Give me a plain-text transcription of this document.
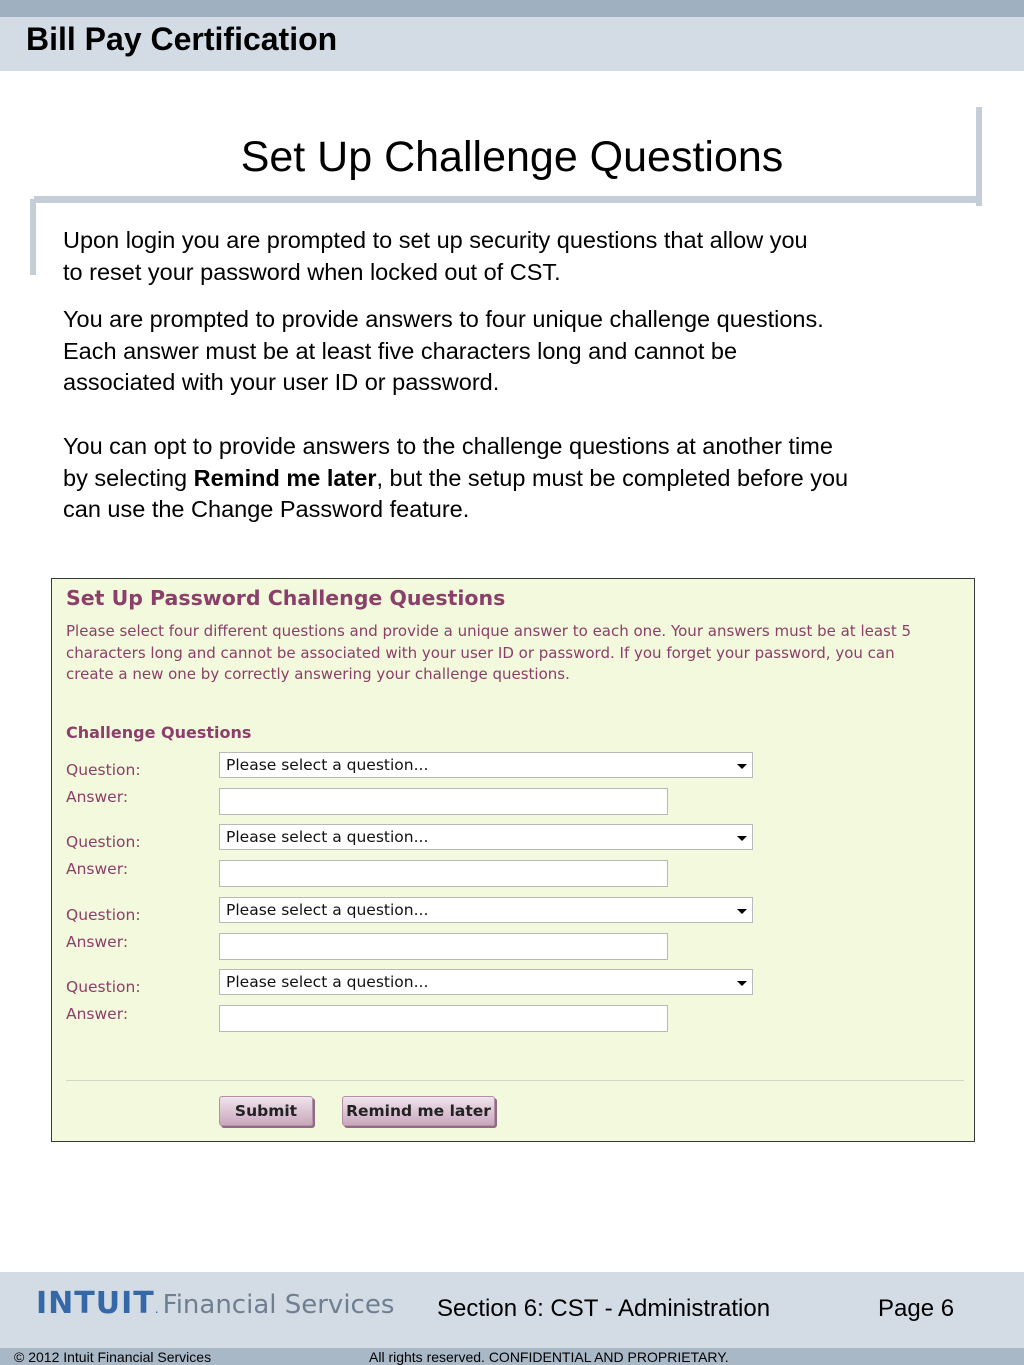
Bill Pay Certification
Set Up Challenge Questions
Upon login you are prompted to set up security questions that allow you
to reset your password when locked out of CST.
You are prompted to provide answers to four unique challenge questions.
Each answer must be at least five characters long and cannot be
associated with your user ID or password.
You can opt to provide answers to the challenge questions at another time
by selecting Remind me later, but the setup must be completed before you
can use the Change Password feature.
Set Up Password Challenge Questions
Please select four different questions and provide a unique answer to each one. Your answers must be at least 5
characters long and cannot be associated with your user ID or password. If you forget your password, you can
create a new one by correctly answering your challenge questions.
Challenge Questions
Question:	Please select a question...
Answer:
Question:	Please select a question...
Answer:
Question:	Please select a question...
Answer:
Question:	Please select a question...
Answer:
Submit	Remind me later
INTUIT. Financial Services Section 6: CST - Administration	Page 6
© 2012 Intuit Financial Services	All rights reserved. CONFIDENTIAL AND PROPRIETARY.
